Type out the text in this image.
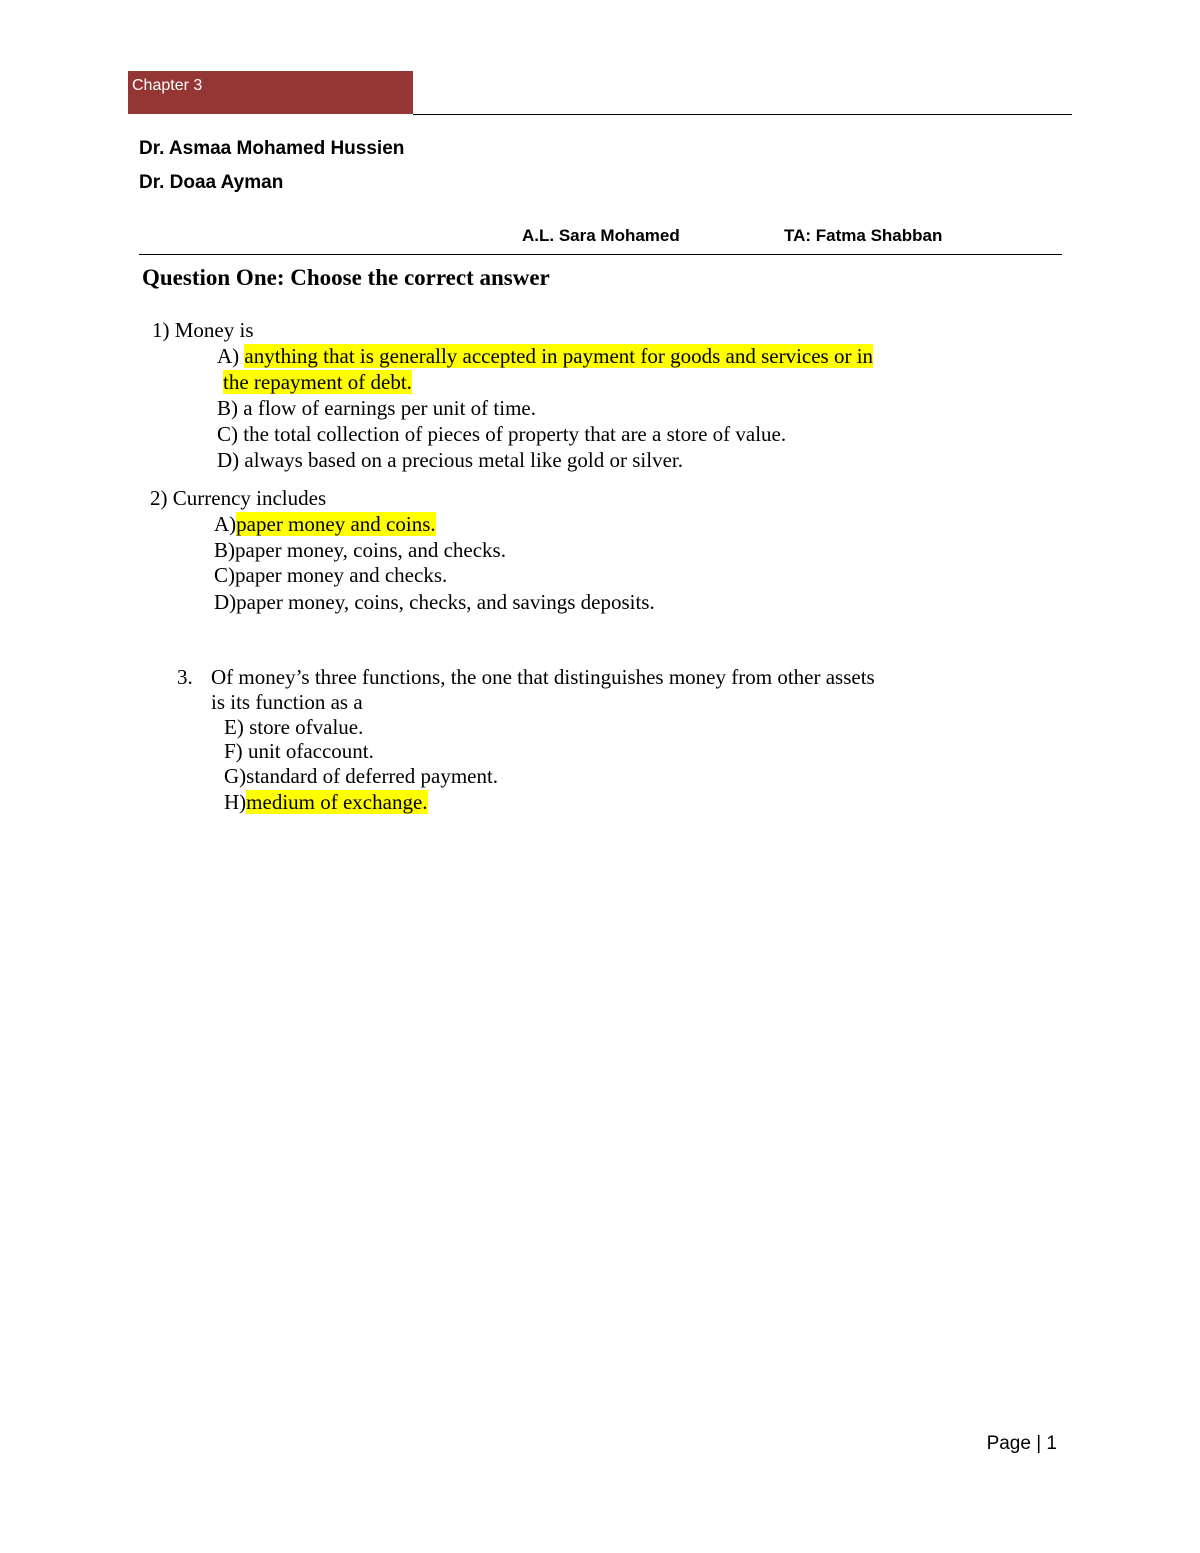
Chapter 3
Dr. Asmaa Mohamed Hussien
Dr. Doaa Ayman
A.L. Sara Mohamed	TA: Fatma Shabban
Question One: Choose the correct answer
1) Money is
A) anything that is generally accepted in payment for goods and services or in
the repayment of debt.
B) a flow of earnings per unit of time.
C) the total collection of pieces of property that are a store of value.
D) always based on a precious metal like gold or silver.
2) Currency includes
A)paper money and coins.
B)paper money, coins, and checks.
C)paper money and checks.
D)paper money, coins, checks, and savings deposits.
3. Of money’s three functions, the one that distinguishes money from other assets
is its function as a
E) store ofvalue.
F) unit ofaccount.
G)standard of deferred payment.
H)medium of exchange.
Page | 1
